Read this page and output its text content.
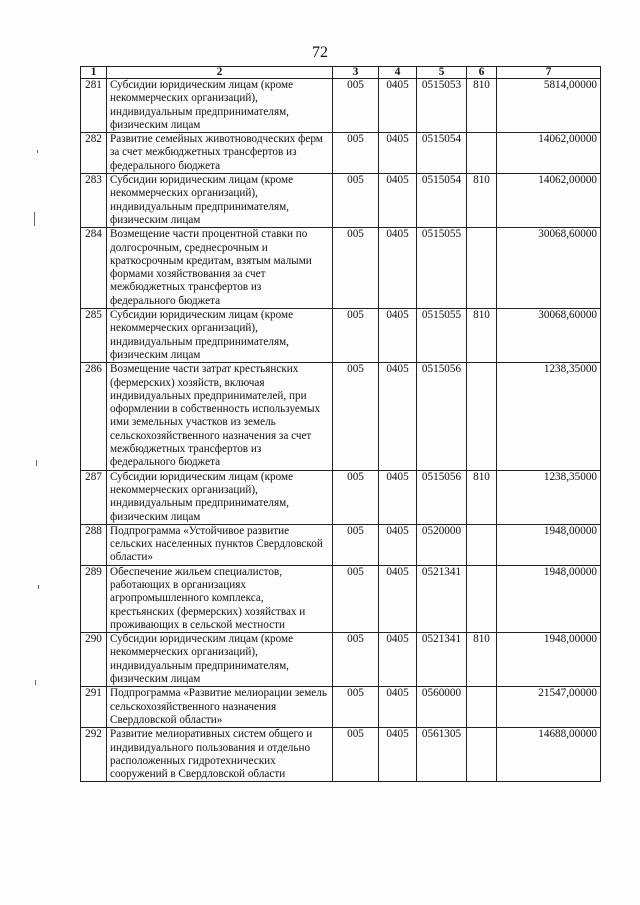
72
1	2	3	4	5	6	7
281	Субсидии юридическим лицам (кроме некоммерческих организаций), индивидуальным предпринимателям, физическим лицам	005	0405	0515053	810	5814,00000
282	Развитие семейных животноводческих ферм за счет межбюджетных трансфертов из федерального бюджета	005	0405	0515054		14062,00000
283	Субсидии юридическим лицам (кроме некоммерческих организаций), индивидуальным предпринимателям, физическим лицам	005	0405	0515054	810	14062,00000
284	Возмещение части процентной ставки по долгосрочным, среднесрочным и краткосрочным кредитам, взятым малыми формами хозяйствования за счет межбюджетных трансфертов из федерального бюджета	005	0405	0515055		30068,60000
285	Субсидии юридическим лицам (кроме некоммерческих организаций), индивидуальным предпринимателям, физическим лицам	005	0405	0515055	810	30068,60000
286	Возмещение части затрат крестьянских (фермерских) хозяйств, включая индивидуальных предпринимателей, при оформлении в собственность используемых ими земельных участков из земель сельскохозяйственного назначения за счет межбюджетных трансфертов из федерального бюджета	005	0405	0515056		1238,35000
287	Субсидии юридическим лицам (кроме некоммерческих организаций), индивидуальным предпринимателям, физическим лицам	005	0405	0515056	810	1238,35000
288	Подпрограмма «Устойчивое развитие сельских населенных пунктов Свердловской области»	005	0405	0520000		1948,00000
289	Обеспечение жильем специалистов, работающих в организациях агропромышленного комплекса, крестьянских (фермерских) хозяйствах и проживающих в сельской местности	005	0405	0521341		1948,00000
290	Субсидии юридическим лицам (кроме некоммерческих организаций), индивидуальным предпринимателям, физическим лицам	005	0405	0521341	810	1948,00000
291	Подпрограмма «Развитие мелиорации земель сельскохозяйственного назначения Свердловской области»	005	0405	0560000		21547,00000
292	Развитие мелиоративных систем общего и индивидуального пользования и отдельно расположенных гидротехнических сооружений в Свердловской области	005	0405	0561305		14688,00000
